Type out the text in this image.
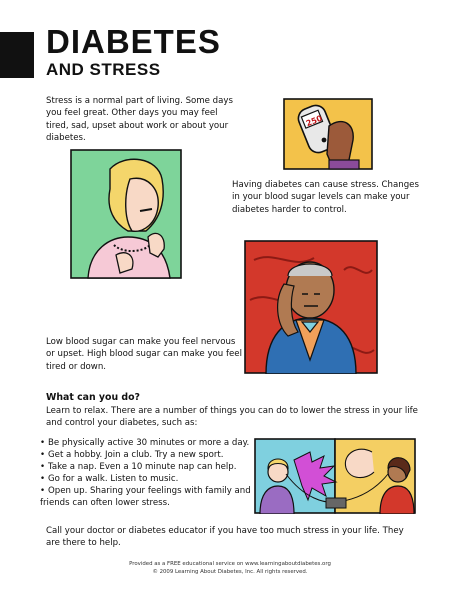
DIABETES
AND STRESS

Stress is a normal part of living. Some days you feel great. Other days you may feel tired, sad, upset about work or about your diabetes.

250

Having diabetes can cause stress. Changes in your blood sugar levels can make your diabetes harder to control.

Low blood sugar can make you feel nervous or upset. High blood sugar can make you feel tired or down.

What can you do?

Learn to relax. There are a number of things you can do to lower the stress in your life and control your diabetes, such as:

• Be physically active 30 minutes or more a day.
• Get a hobby. Join a club. Try a new sport.
• Take a nap. Even a 10 minute nap can help.
• Go for a walk. Listen to music.
• Open up. Sharing your feelings with family and friends can often lower stress.

Call your doctor or diabetes educator if you have too much stress in your life. They are there to help.

Provided as a FREE educational service on www.learningaboutdiabetes.org
© 2009 Learning About Diabetes, Inc. All rights reserved.
